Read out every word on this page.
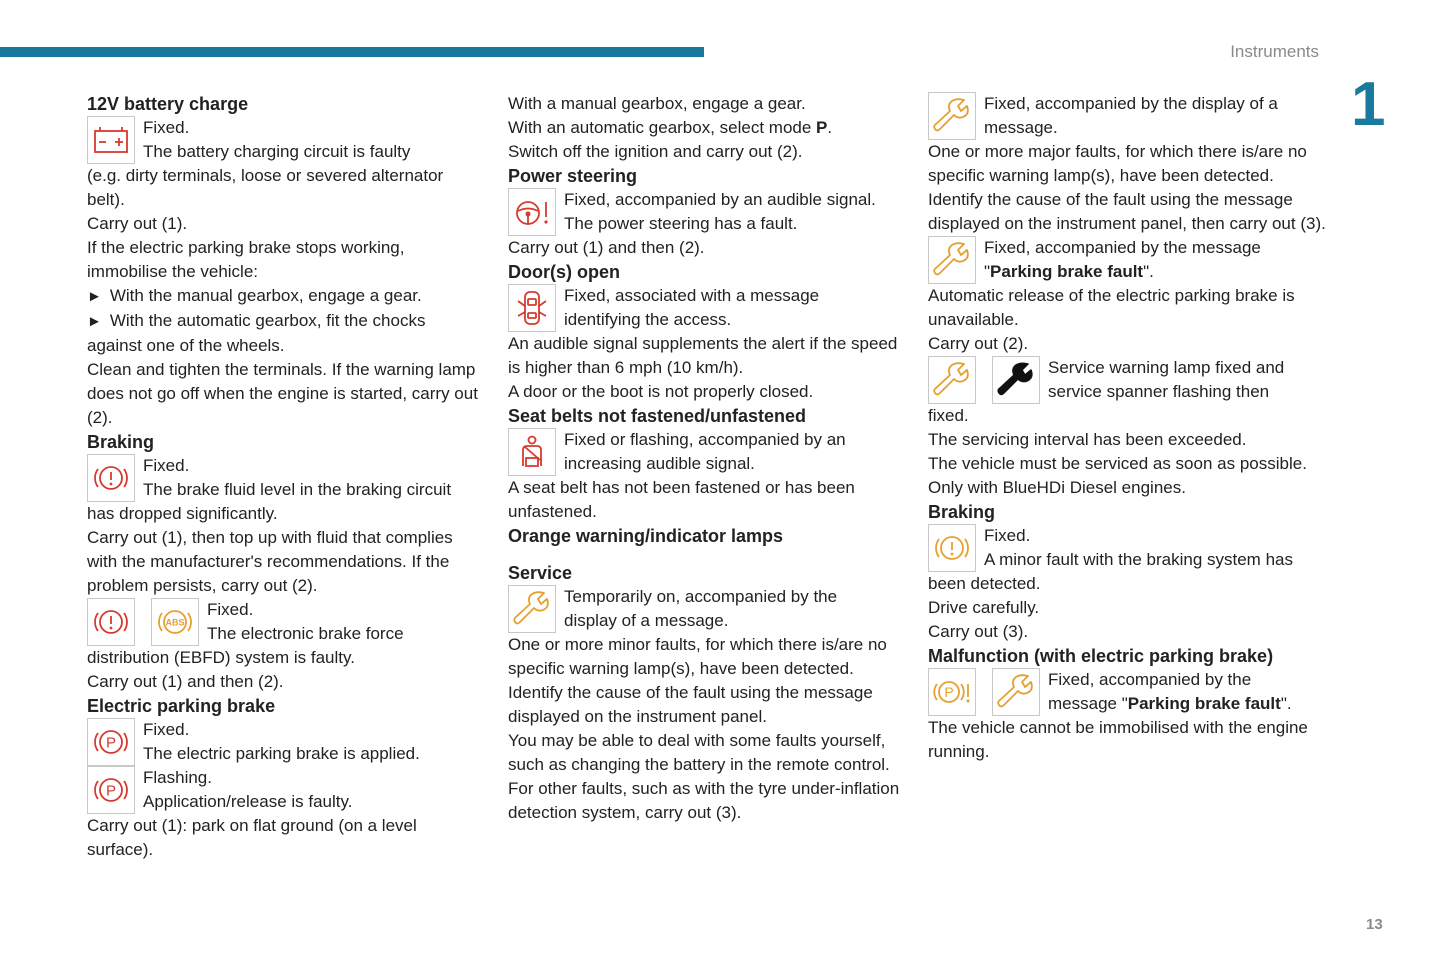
Instruments
1
13

12V battery charge

Fixed.

The battery charging circuit is faulty

(e.g. dirty terminals, loose or severed alternator belt).

Carry out (1).

If the electric parking brake stops working, immobilise the vehicle:

► With the manual gearbox, engage a gear.

► With the automatic gearbox, fit the chocks against one of the wheels.

Clean and tighten the terminals. If the warning lamp does not go off when the engine is started, carry out (2).

Braking

Fixed.

The brake fluid level in the braking circuit

has dropped significantly.

Carry out (1), then top up with fluid that complies with the manufacturer's recommendations. If the problem persists, carry out (2).

ABS

Fixed.

The electronic brake force

distribution (EBFD) system is faulty.

Carry out (1) and then (2).

Electric parking brake

P

Fixed.

The electric parking brake is applied.

P

Flashing.

Application/release is faulty.

Carry out (1): park on flat ground (on a level surface).

With a manual gearbox, engage a gear.

With an automatic gearbox, select mode P.

Switch off the ignition and carry out (2).

Power steering

Fixed, accompanied by an audible signal.

The power steering has a fault.

Carry out (1) and then (2).

Door(s) open

Fixed, associated with a message

identifying the access.

An audible signal supplements the alert if the speed is higher than 6 mph (10 km/h).

A door or the boot is not properly closed.

Seat belts not fastened/unfastened

Fixed or flashing, accompanied by an

increasing audible signal.

A seat belt has not been fastened or has been unfastened.

Orange warning/indicator lamps

Service

Temporarily on, accompanied by the

display of a message.

One or more minor faults, for which there is/are no specific warning lamp(s), have been detected.

Identify the cause of the fault using the message displayed on the instrument panel.

You may be able to deal with some faults yourself, such as changing the battery in the remote control.

For other faults, such as with the tyre under-inflation detection system, carry out (3).

Fixed, accompanied by the display of a

message.

One or more major faults, for which there is/are no specific warning lamp(s), have been detected.

Identify the cause of the fault using the message displayed on the instrument panel, then carry out (3).

Fixed, accompanied by the message

"Parking brake fault".

Automatic release of the electric parking brake is unavailable.

Carry out (2).

Service warning lamp fixed and

service spanner flashing then

fixed.

The servicing interval has been exceeded.

The vehicle must be serviced as soon as possible.

Only with BlueHDi Diesel engines.

Braking

Fixed.

A minor fault with the braking system has

been detected.

Drive carefully.

Carry out (3).

Malfunction (with electric parking brake)

P

Fixed, accompanied by the

message "Parking brake fault".

The vehicle cannot be immobilised with the engine running.
